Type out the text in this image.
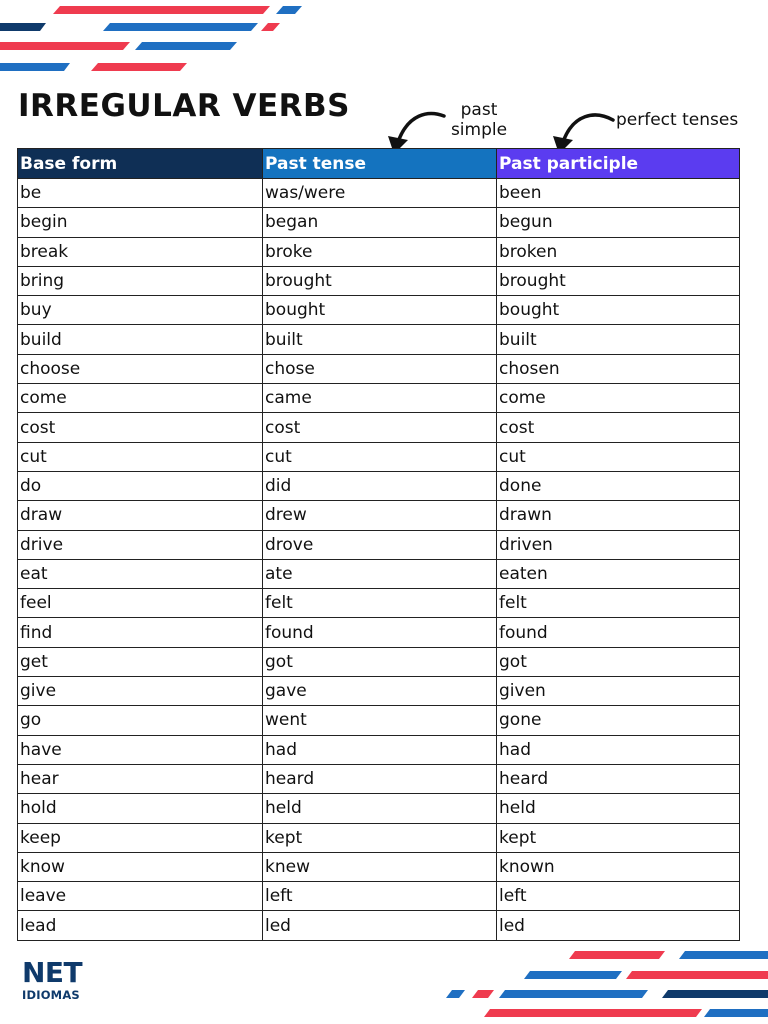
IRREGULAR VERBS	past
simple	perfect tenses
Base form	Past tense	Past participle
be	was/were	been
begin	began	begun
break	broke	broken
bring	brought	brought
buy	bought	bought
build	built	built
choose	chose	chosen
come	came	come
cost	cost	cost
cut	cut	cut
do	did	done
draw	drew	drawn
drive	drove	driven
eat	ate	eaten
feel	felt	felt
find	found	found
get	got	got
give	gave	given
go	went	gone
have	had	had
hear	heard	heard
hold	held	held
keep	kept	kept
know	knew	known
leave	left	left
lead	led	led
NET
IDIOMAS
